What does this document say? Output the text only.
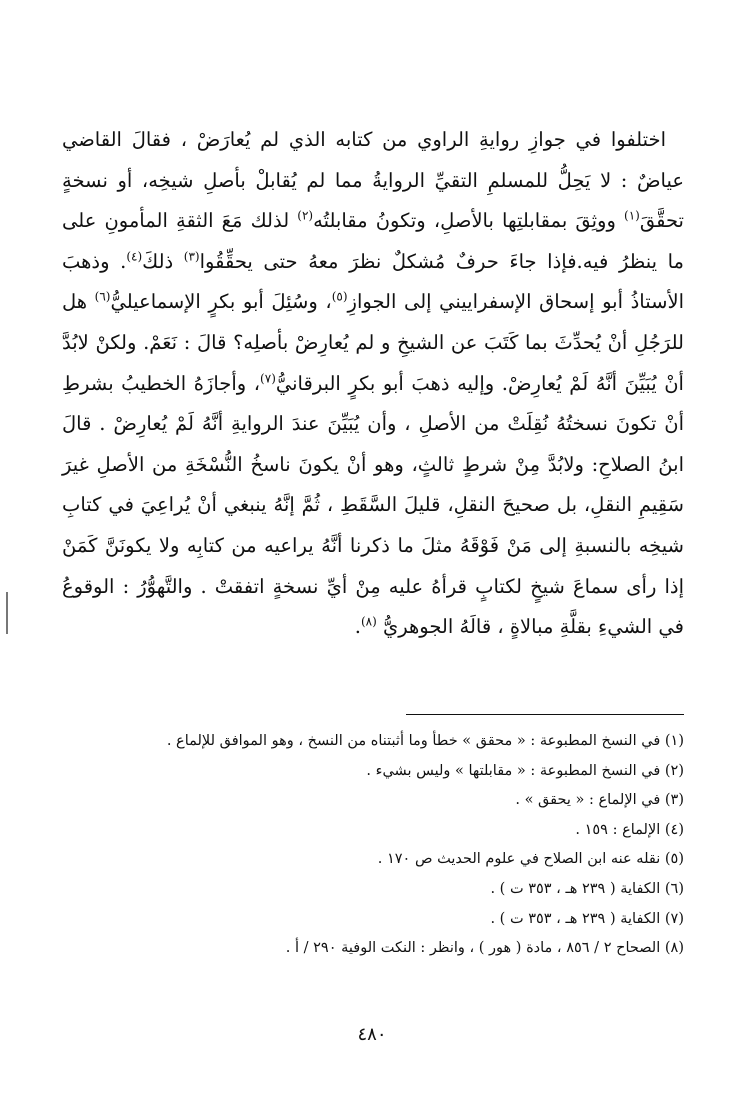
اختلفوا في جوازِ روايةِ الراوي من كتابه الذي لم يُعارَضْ ، فقالَ القاضي عياضٌ : لا يَحِلُّ للمسلمِ التقيِّ الروايةُ مما لم يُقابلْ بأصلِ شيخِه، أو نسخةٍ تحقَّقَ$^{(١)}$ ووثِقَ بمقابلتِها بالأصلِ، وتكونُ مقابلتُه$^{(٢)}$ لذلك مَعَ الثقةِ المأمونِ على ما ينظرُ فيه.فإذا جاءَ حرفٌ مُشكلٌ نظرَ معهُ حتى يحقِّقُوا$^{(٣)}$ ذلكَ$^{(٤)}$. وذهبَ الأستاذُ أبو إسحاق الإسفراييني إلى الجوازِ$^{(٥)}$، وسُئِلَ أبو بكرٍ الإسماعيليُّ$^{(٦)}$ هل للرَجُلِ أنْ يُحدِّثَ بما كَتَبَ عن الشيخِ و لم يُعارِضْ بأصلِه؟ قالَ : نَعَمْ. ولكنْ لابُدَّ أنْ يُبَيِّنَ أنَّهُ لَمْ يُعارِضْ. وإليه ذهبَ أبو بكرٍ البرقانيُّ$^{(٧)}$، وأجازَهُ الخطيبُ بشرطِ أنْ تكونَ نسختُهُ نُقِلَتْ من الأصلِ ، وأن يُبَيِّنَ عندَ الروايةِ أنَّهُ لَمْ يُعارِضْ . قالَ ابنُ الصلاحِ: ولابُدَّ مِنْ شرطٍ ثالثٍ، وهو أنْ يكونَ ناسخُ النُّسْخَةِ من الأصلِ غيرَ سَقِيمِ النقلِ، بل صحيحَ النقلِ، قليلَ السَّقَطِ ، ثُمَّ إنَّهُ ينبغي أنْ يُراعِيَ في كتابِ شيخِه بالنسبةِ إلى مَنْ فَوْقَهُ مثلَ ما ذكرنا أنَّهُ يراعيه من كتابِه ولا يكونَنَّ كَمَنْ إذا رأى سماعَ شيخٍ لكتابٍ قرأهُ عليه مِنْ أيِّ نسخةٍ اتفقتْ . والتَّهوُّرُ : الوقوعُ في الشيءِ بقلَّةِ مبالاةٍ ، قالَهُ الجوهريُّ $^{(٨)}$.

(١) في النسخ المطبوعة : « محقق » خطأ وما أثبتناه من النسخ ، وهو الموافق للإلماع .
(٢) في النسخ المطبوعة : « مقابلتها » وليس بشيء .
(٣) في الإلماع : « يحقق » .
(٤) الإلماع : ١٥٩ .
(٥) نقله عنه ابن الصلاح في علوم الحديث ص ١٧٠ .
(٦) الكفاية ( ٢٣٩ هـ ، ٣٥٣ ت ) .
(٧) الكفاية ( ٢٣٩ هـ ، ٣٥٣ ت ) .
(٨) الصحاح ٢ / ٨٥٦ ، مادة ( هور ) ، وانظر : النكت الوفية ٢٩٠ / أ .
٤٨٠
